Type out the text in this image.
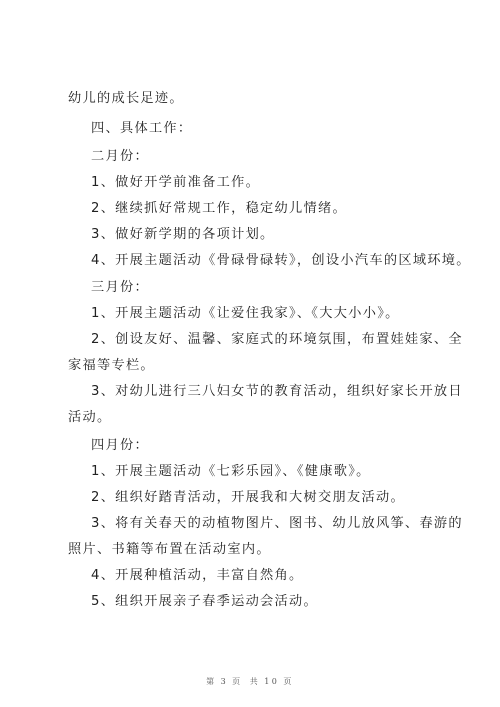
幼儿的成长足迹。
四、具体工作：
二月份：
1、做好开学前准备工作。
2、继续抓好常规工作，稳定幼儿情绪。
3、做好新学期的各项计划。
4、开展主题活动《骨碌骨碌转》，创设小汽车的区域环境。
三月份：
1、开展主题活动《让爱住我家》、《大大小小》。
2、创设友好、温馨、家庭式的环境氛围，布置娃娃家、全
家福等专栏。
3、对幼儿进行三八妇女节的教育活动，组织好家长开放日
活动。
四月份：
1、开展主题活动《七彩乐园》、《健康歌》。
2、组织好踏青活动，开展我和大树交朋友活动。
3、将有关春天的动植物图片、图书、幼儿放风筝、春游的
照片、书籍等布置在活动室内。
4、开展种植活动，丰富自然角。
5、组织开展亲子春季运动会活动。
第 3 页 共 10 页
